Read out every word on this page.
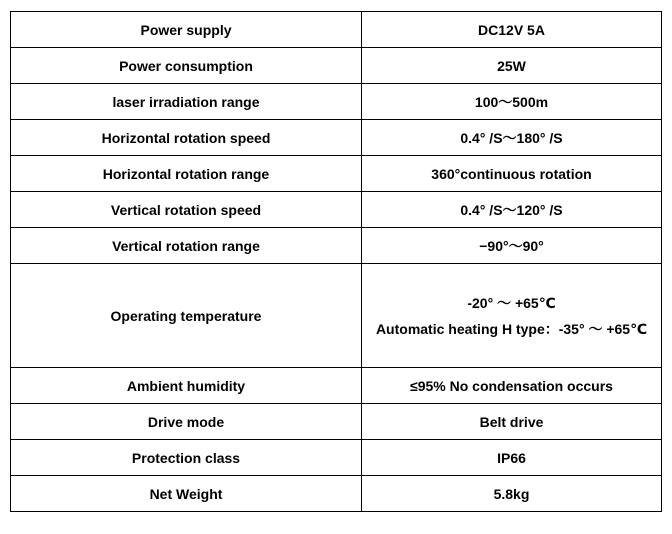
Power supply	DC12V 5A
Power consumption	25W
laser irradiation range	100～500m
Horizontal rotation speed	0.4° /S～180° /S
Horizontal rotation range	360°continuous rotation
Vertical rotation speed	0.4° /S～120° /S
Vertical rotation range	−90°～90°
Operating temperature	-20° ～ +65℃
Automatic heating H type：-35° ～ +65℃

Ambient humidity	≤95% No condensation occurs
Drive mode	Belt drive
Protection class	IP66
Net Weight	5.8kg
